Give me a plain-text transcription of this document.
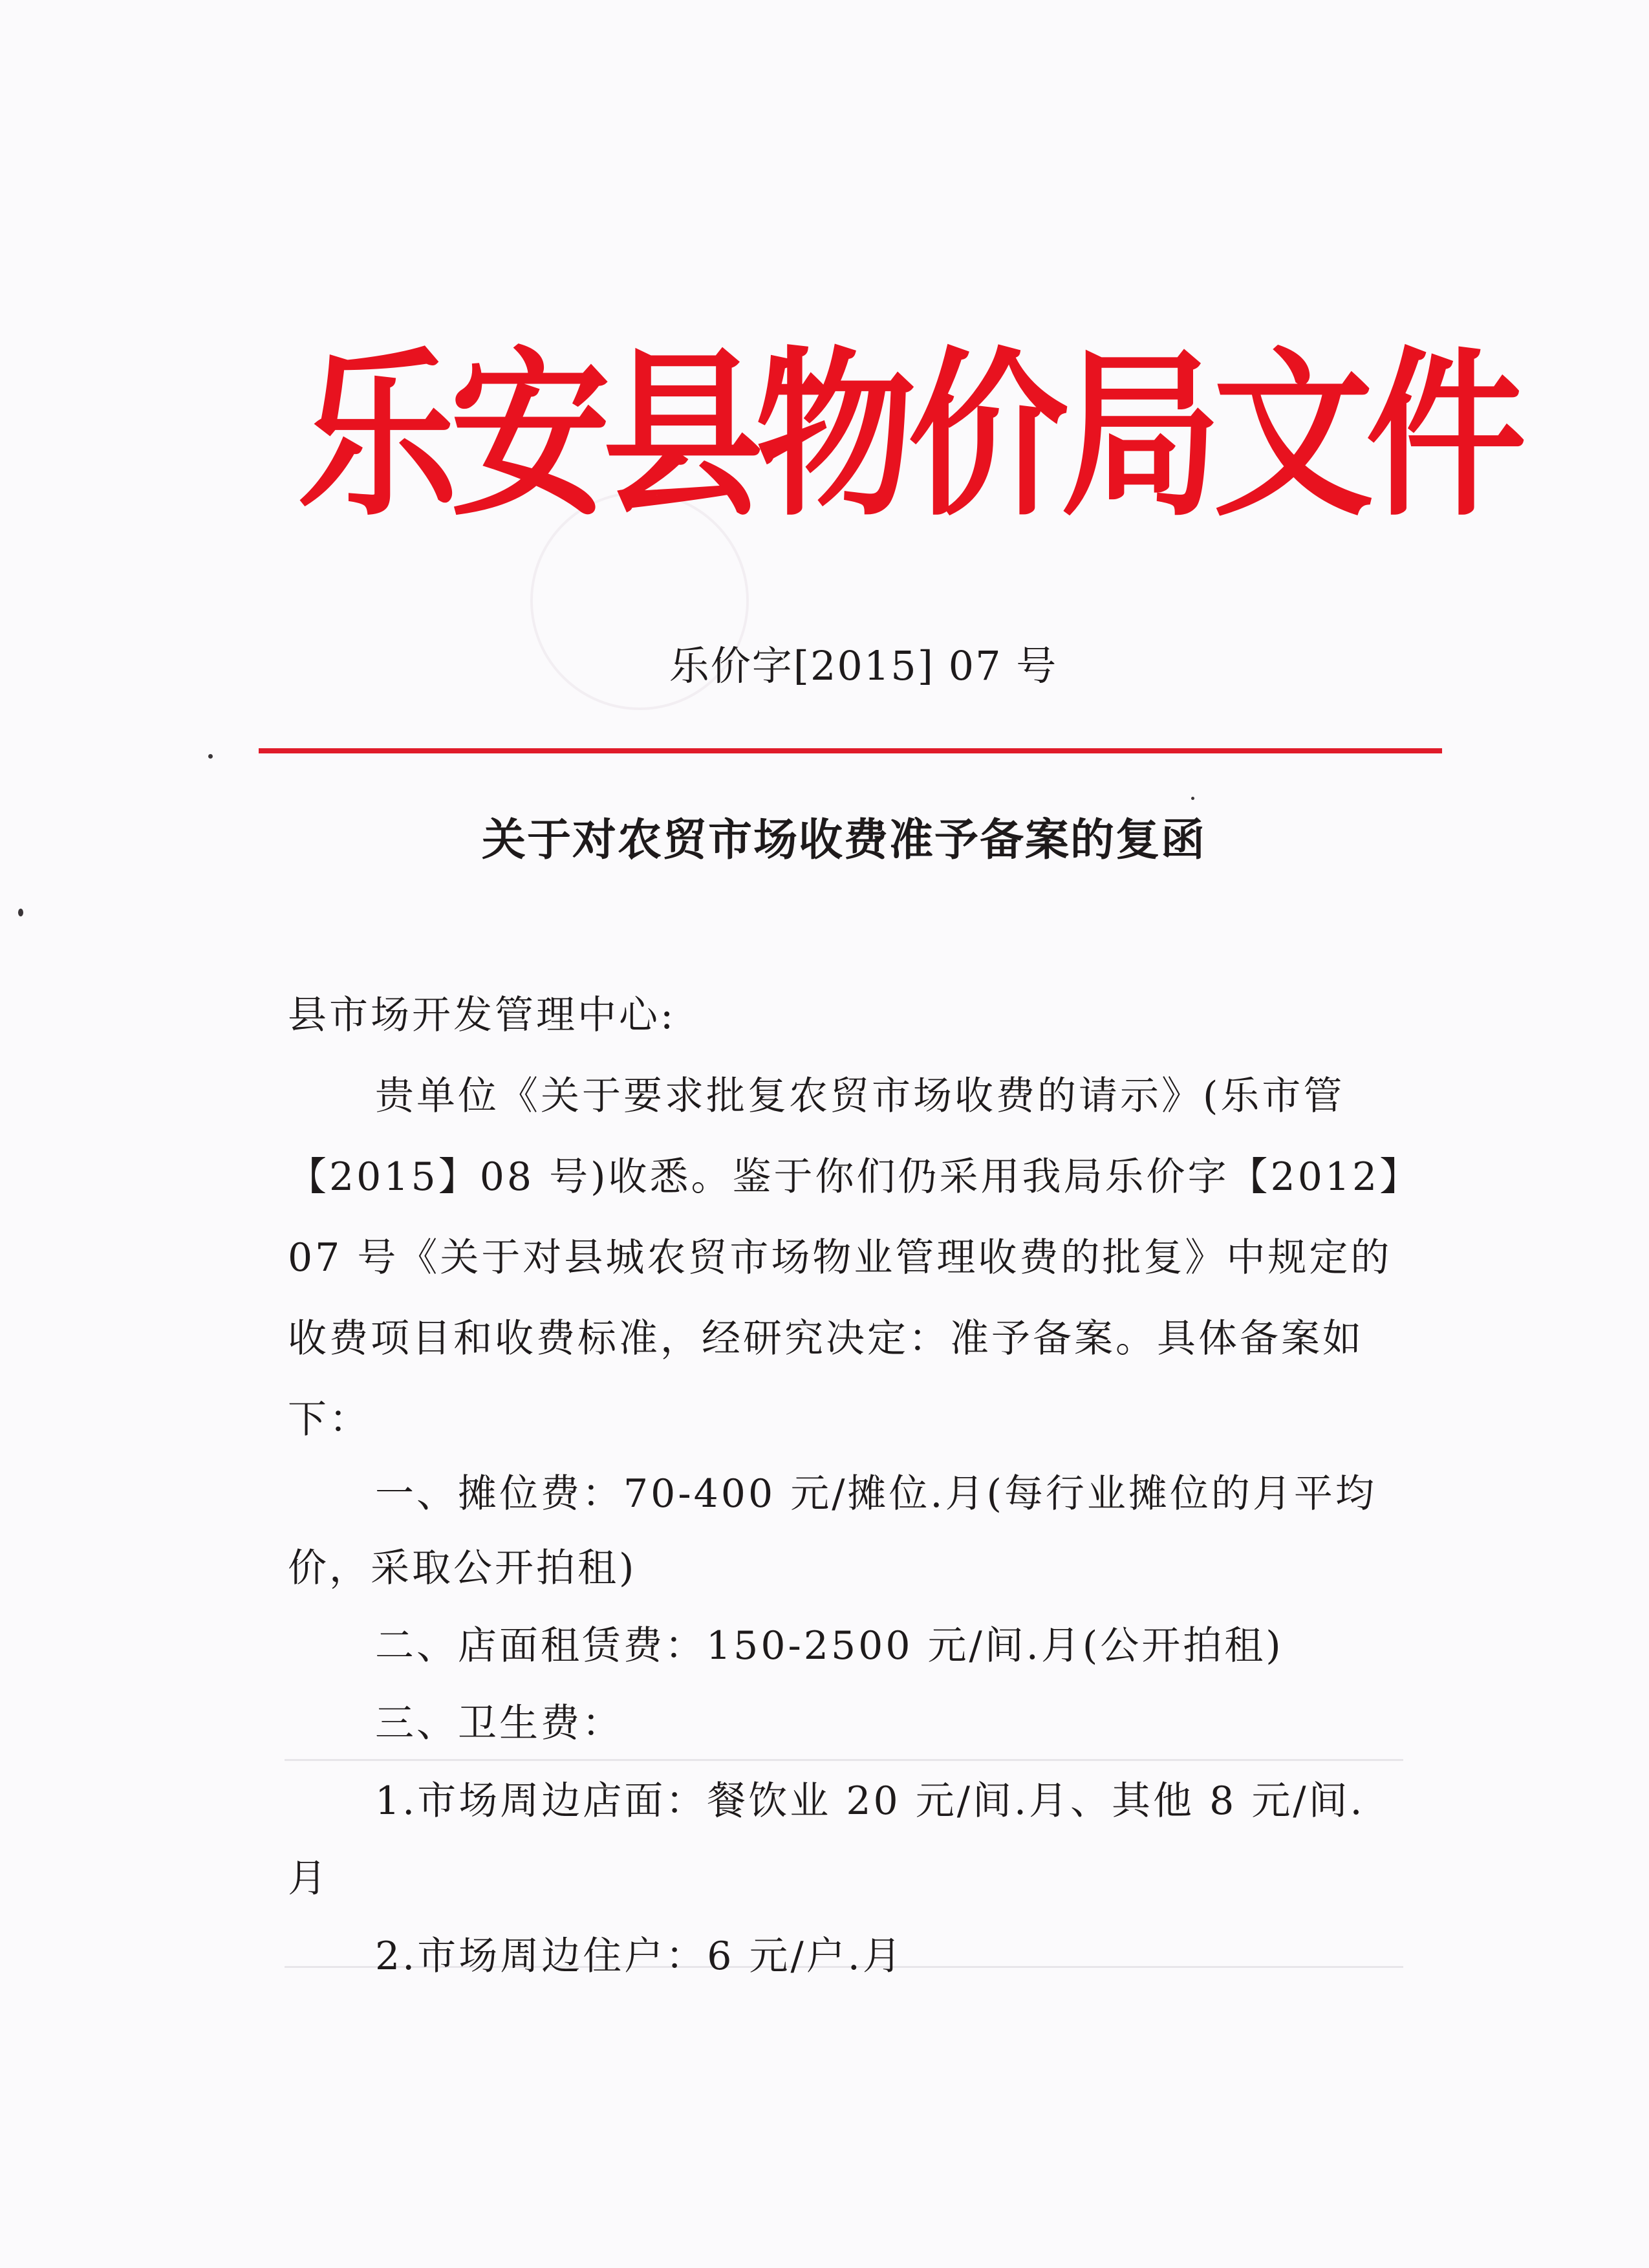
乐安县物价局文件
乐价字[2015] 07 号
关于对农贸市场收费准予备案的复函
县市场开发管理中心:
贵单位《关于要求批复农贸市场收费的请示》(乐市管
【2015】08 号)收悉。鉴于你们仍采用我局乐价字【2012】
07 号《关于对县城农贸市场物业管理收费的批复》中规定的
收费项目和收费标准，经研究决定：准予备案。具体备案如
下：
一、摊位费：70-400 元/摊位.月(每行业摊位的月平均
价，采取公开拍租)
二、店面租赁费：150-2500 元/间.月(公开拍租)
三、卫生费：
1.市场周边店面：餐饮业 20 元/间.月、其他 8 元/间.
月
2.市场周边住户：6 元/户.月
